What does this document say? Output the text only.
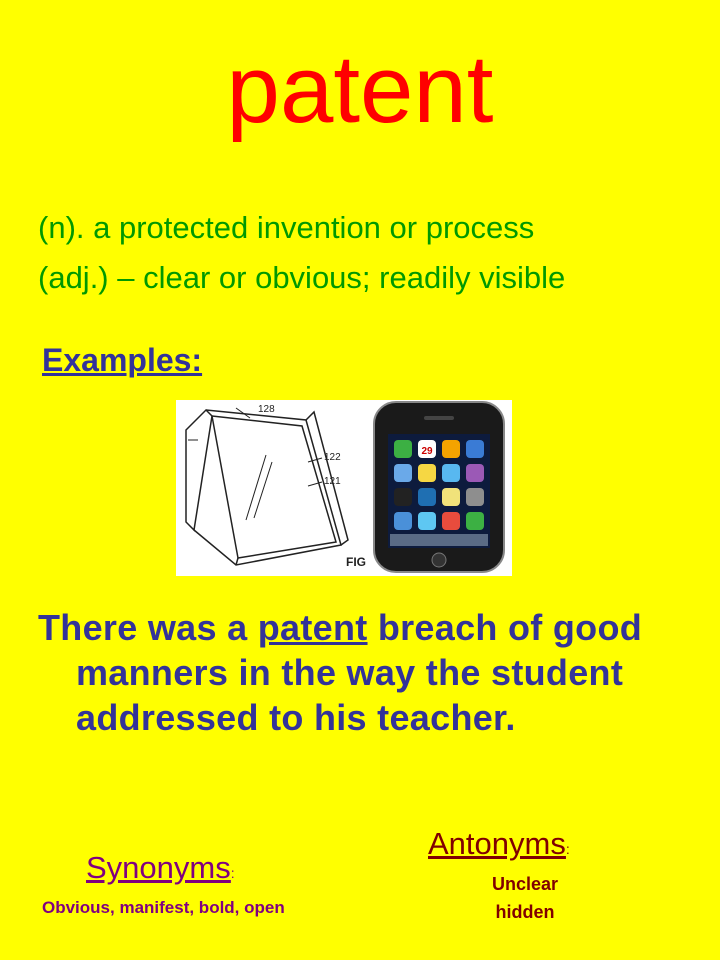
patent
(n). a protected invention or process
(adj.) – clear or obvious; readily visible
Examples:
128
122
121
FIG
29
There was a patent breach of good manners in the way the student addressed to his teacher.
Synonyms:
Obvious, manifest, bold, open
Antonyms:
Unclear
hidden
